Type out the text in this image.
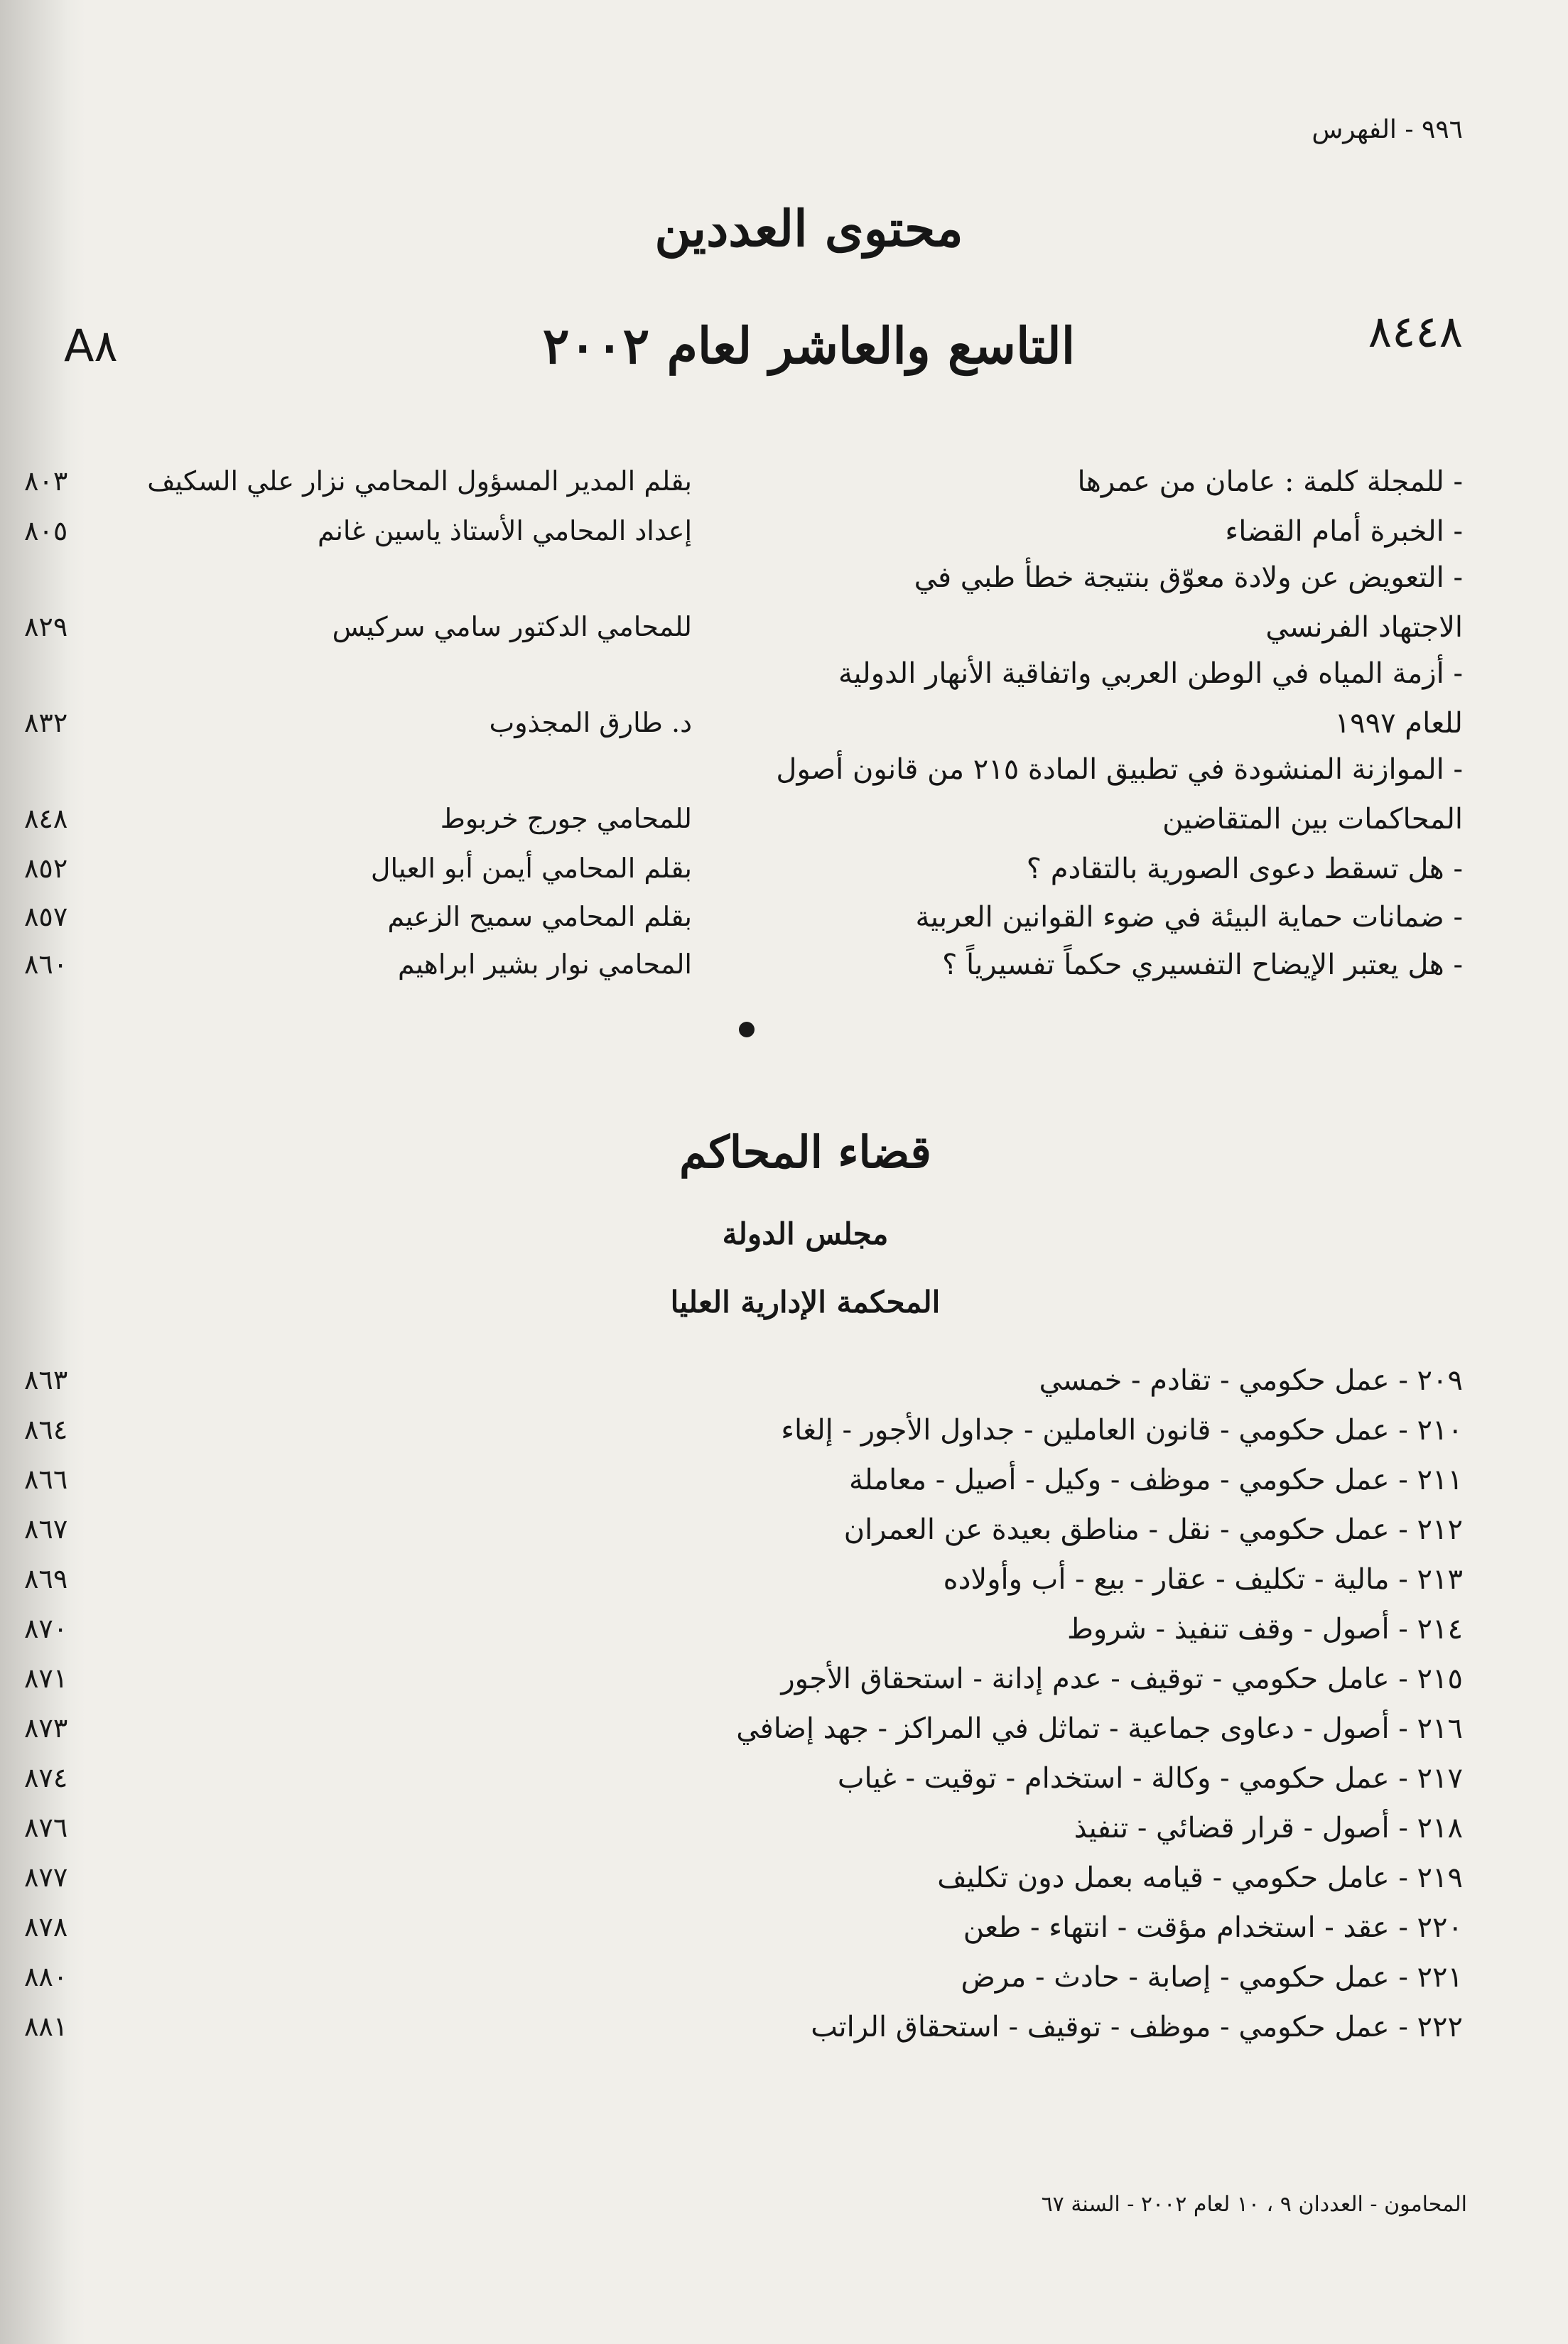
٩٩٦ - الفهرس
A٨	٨٤٤٨
محتوى العددين
التاسع والعاشر لعام ٢٠٠٢
- للمجلة كلمة : عامان من عمرها
بقلم المدير المسؤول المحامي نزار علي السكيف
٨٠٣
- الخبرة أمام القضاء
إعداد المحامي الأستاذ ياسين غانم
٨٠٥
- التعويض عن ولادة معوّق بنتيجة خطأ طبي في
الاجتهاد الفرنسي
للمحامي الدكتور سامي سركيس
٨٢٩
- أزمة المياه في الوطن العربي واتفاقية الأنهار الدولية
للعام ١٩٩٧
د. طارق المجذوب
٨٣٢
- الموازنة المنشودة في تطبيق المادة ٢١٥ من قانون أصول
المحاكمات بين المتقاضين
للمحامي جورج خربوط
٨٤٨
- هل تسقط دعوى الصورية بالتقادم ؟
بقلم المحامي أيمن أبو العيال
٨٥٢
- ضمانات حماية البيئة في ضوء القوانين العربية
بقلم المحامي سميح الزعيم
٨٥٧
- هل يعتبر الإيضاح التفسيري حكماً تفسيرياً ؟
المحامي نوار بشير ابراهيم
٨٦٠
قضاء المحاكم
مجلس الدولة
المحكمة الإدارية العليا
٢٠٩ - عمل حكومي - تقادم - خمسي
٨٦٣
٢١٠ - عمل حكومي - قانون العاملين - جداول الأجور - إلغاء
٨٦٤
٢١١ - عمل حكومي - موظف - وكيل - أصيل - معاملة
٨٦٦
٢١٢ - عمل حكومي - نقل - مناطق بعيدة عن العمران
٨٦٧
٢١٣ - مالية - تكليف - عقار - بيع - أب وأولاده
٨٦٩
٢١٤ - أصول - وقف تنفيذ - شروط
٨٧٠
٢١٥ - عامل حكومي - توقيف - عدم إدانة - استحقاق الأجور
٨٧١
٢١٦ - أصول - دعاوى جماعية - تماثل في المراكز - جهد إضافي
٨٧٣
٢١٧ - عمل حكومي - وكالة - استخدام - توقيت - غياب
٨٧٤
٢١٨ - أصول - قرار قضائي - تنفيذ
٨٧٦
٢١٩ - عامل حكومي - قيامه بعمل دون تكليف
٨٧٧
٢٢٠ - عقد - استخدام مؤقت - انتهاء - طعن
٨٧٨
٢٢١ - عمل حكومي - إصابة - حادث - مرض
٨٨٠
٢٢٢ - عمل حكومي - موظف - توقيف - استحقاق الراتب
٨٨١
المحامون - العددان ٩ ، ١٠ لعام ٢٠٠٢ - السنة ٦٧
